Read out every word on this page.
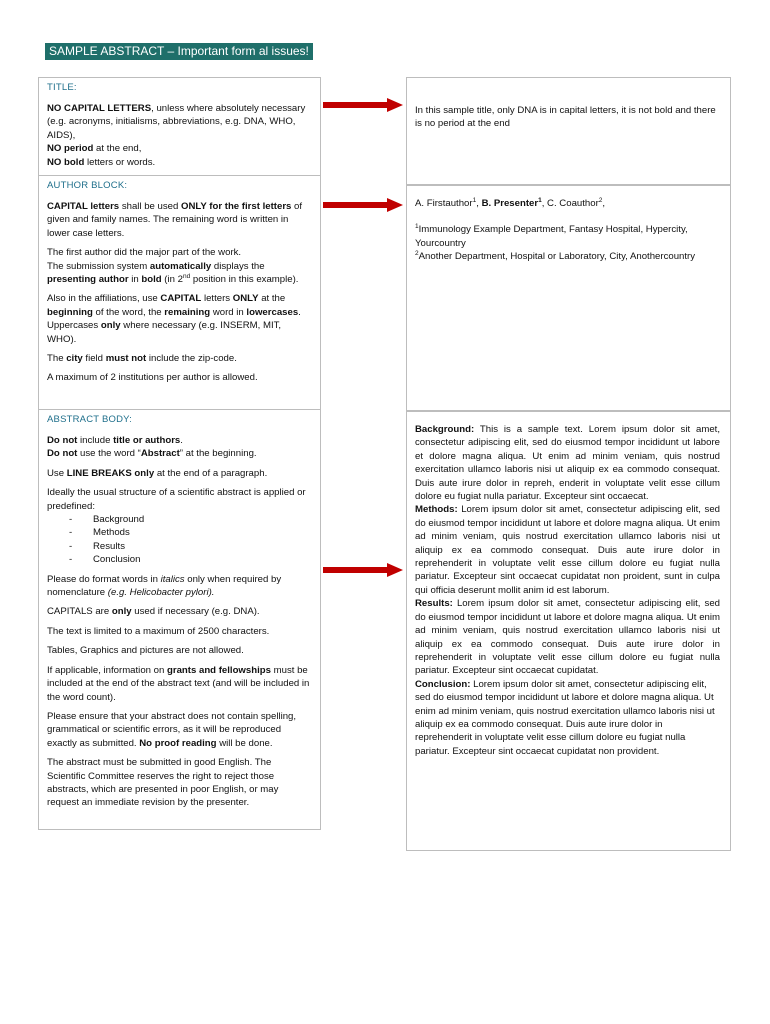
SAMPLE ABSTRACT – Important form al issues!
TITLE:
NO CAPITAL LETTERS, unless where absolutely necessary (e.g. acronyms, initialisms, abbreviations, e.g. DNA, WHO, AIDS),
NO period at the end,
NO bold letters or words.
AUTHOR BLOCK:
CAPITAL letters shall be used ONLY for the first letters of given and family names. The remaining word is written in lower case letters.
The first author did the major part of the work.
The submission system automatically displays the presenting author in bold (in 2nd position in this example).
Also in the affiliations, use CAPITAL letters ONLY at the beginning of the word, the remaining word in lowercases. Uppercases only where necessary (e.g. INSERM, MIT, WHO).
The city field must not include the zip-code.
A maximum of 2 institutions per author is allowed.
ABSTRACT BODY:
Do not include title or authors.
Do not use the word “Abstract” at the beginning.
Use LINE BREAKS only at the end of a paragraph.
Ideally the usual structure of a scientific abstract is applied or predefined:
- Background
- Methods
- Results
- Conclusion
Please do format words in italics only when required by nomenclature (e.g. Helicobacter pylori).
CAPITALS are only used if necessary (e.g. DNA).
The text is limited to a maximum of 2500 characters.
Tables, Graphics and pictures are not allowed.
If applicable, information on grants and fellowships must be included at the end of the abstract text (and will be included in the word count).
Please ensure that your abstract does not contain spelling, grammatical or scientific errors, as it will be reproduced exactly as submitted. No proof reading will be done.
The abstract must be submitted in good English. The Scientific Committee reserves the right to reject those abstracts, which are presented in poor English, or may request an immediate revision by the presenter.
In this sample title, only DNA is in capital letters, it is not bold and there is no period at the end
A. Firstauthor$^1$, B. Presenter$^1$, C. Coauthor$^2$,
$^1$Immunology Example Department, Fantasy Hospital, Hypercity, Yourcountry
$^2$Another Department, Hospital or Laboratory, City, Anothercountry
Background: This is a sample text. Lorem ipsum dolor sit amet, consectetur adipiscing elit, sed do eiusmod tempor incididunt ut labore et dolore magna aliqua. Ut enim ad minim veniam, quis nostrud exercitation ullamco laboris nisi ut aliquip ex ea commodo consequat. Duis aute irure dolor in repreh, enderit in voluptate velit esse cillum dolore eu fugiat nulla pariatur. Excepteur sint occaecat.
Methods: Lorem ipsum dolor sit amet, consectetur adipiscing elit, sed do eiusmod tempor incididunt ut labore et dolore magna aliqua. Ut enim ad minim veniam, quis nostrud exercitation ullamco laboris nisi ut aliquip ex ea commodo consequat. Duis aute irure dolor in reprehenderit in voluptate velit esse cillum dolore eu fugiat nulla pariatur. Excepteur sint occaecat cupidatat non proident, sunt in culpa qui officia deserunt mollit anim id est laborum.
Results: Lorem ipsum dolor sit amet, consectetur adipiscing elit, sed do eiusmod tempor incididunt ut labore et dolore magna aliqua. Ut enim ad minim veniam, quis nostrud exercitation ullamco laboris nisi ut aliquip ex ea commodo consequat. Duis aute irure dolor in reprehenderit in voluptate velit esse cillum dolore eu fugiat nulla pariatur. Excepteur sint occaecat cupidatat.
Conclusion: Lorem ipsum dolor sit amet, consectetur adipiscing elit, sed do eiusmod tempor incididunt ut labore et dolore magna aliqua. Ut enim ad minim veniam, quis nostrud exercitation ullamco laboris nisi ut aliquip ex ea commodo consequat. Duis aute irure dolor in reprehenderit in voluptate velit esse cillum dolore eu fugiat nulla pariatur. Excepteur sint occaecat cupidatat non provident.
